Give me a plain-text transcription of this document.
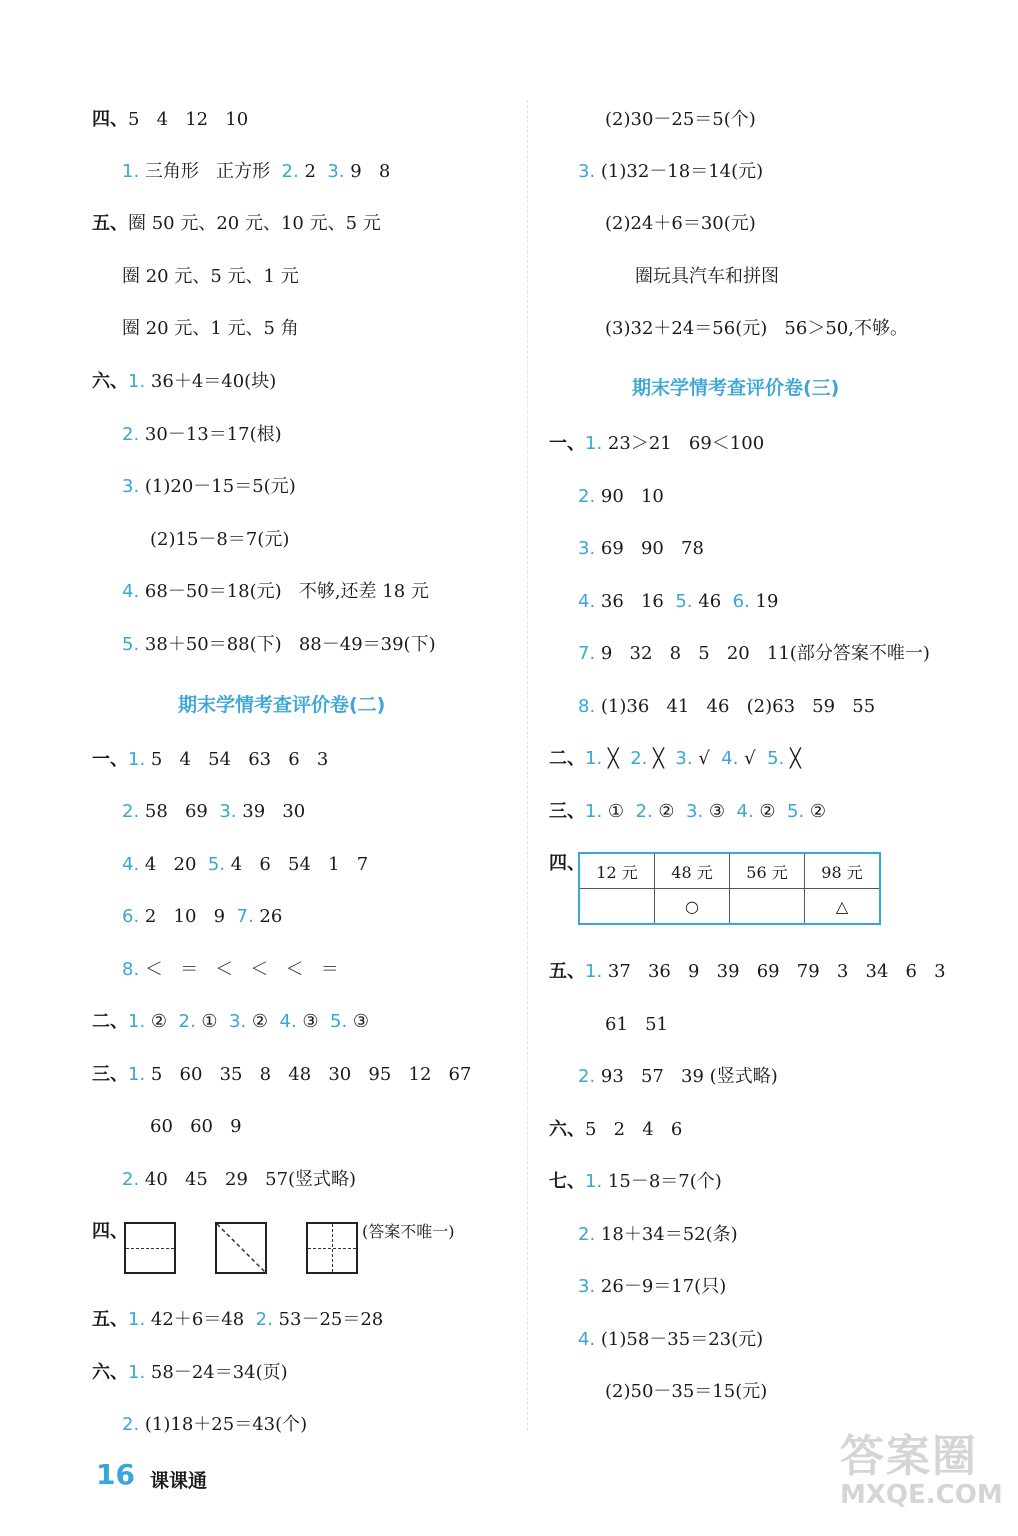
四、5   4   12   10
1. 三角形   正方形  2. 2  3. 9   8
五、圈 50 元、20 元、10 元、5 元
圈 20 元、5 元、1 元
圈 20 元、1 元、5 角
六、1. 36＋4＝40(块)
2. 30－13＝17(根)
3. (1)20－15＝5(元)
(2)15－8＝7(元)
4. 68－50＝18(元)   不够,还差 18 元
5. 38＋50＝88(下)   88－49＝39(下)
期末学情考查评价卷(二)
一、1. 5   4   54   63   6   3
2. 58   69  3. 39   30
4. 4   20  5. 4   6   54   1   7
6. 2   10   9  7. 26
8. ＜   ＝   ＜   ＜   ＜   ＝
二、1. ②  2. ①  3. ②  4. ③  5. ③
三、1. 5   60   35   8   48   30   95   12   67
60   60   9
2. 40   45   29   57(竖式略)
四、	(答案不唯一)
五、1. 42＋6＝48  2. 53－25＝28
六、1. 58－24＝34(页)
2. (1)18＋25＝43(个)
(2)30－25＝5(个)
3. (1)32－18＝14(元)
(2)24＋6＝30(元)
圈玩具汽车和拼图
(3)32＋24＝56(元)   56＞50,不够。
期末学情考查评价卷(三)
一、1. 23＞21   69＜100
2. 90   10
3. 69   90   78
4. 36   16  5. 46  6. 19
7. 9   32   8   5   20   11(部分答案不唯一)
8. (1)36   41   46   (2)63   59   55
二、1. ╳  2. ╳  3. √  4. √  5. ╳
三、1. ①  2. ②  3. ③  4. ②  5. ②
四、
五、1. 37   36   9   39   69   79   3   34   6   3
61   51
2. 93   57   39 (竖式略)
六、5   2   4   6
七、1. 15－8＝7(个)
2. 18＋34＝52(条)
3. 26－9＝17(只)
4. (1)58－35＝23(元)
(2)50－35＝15(元)
12 元	48 元	56 元	98 元
	○		△
16 课课通	答案圈
MXQE.COM
